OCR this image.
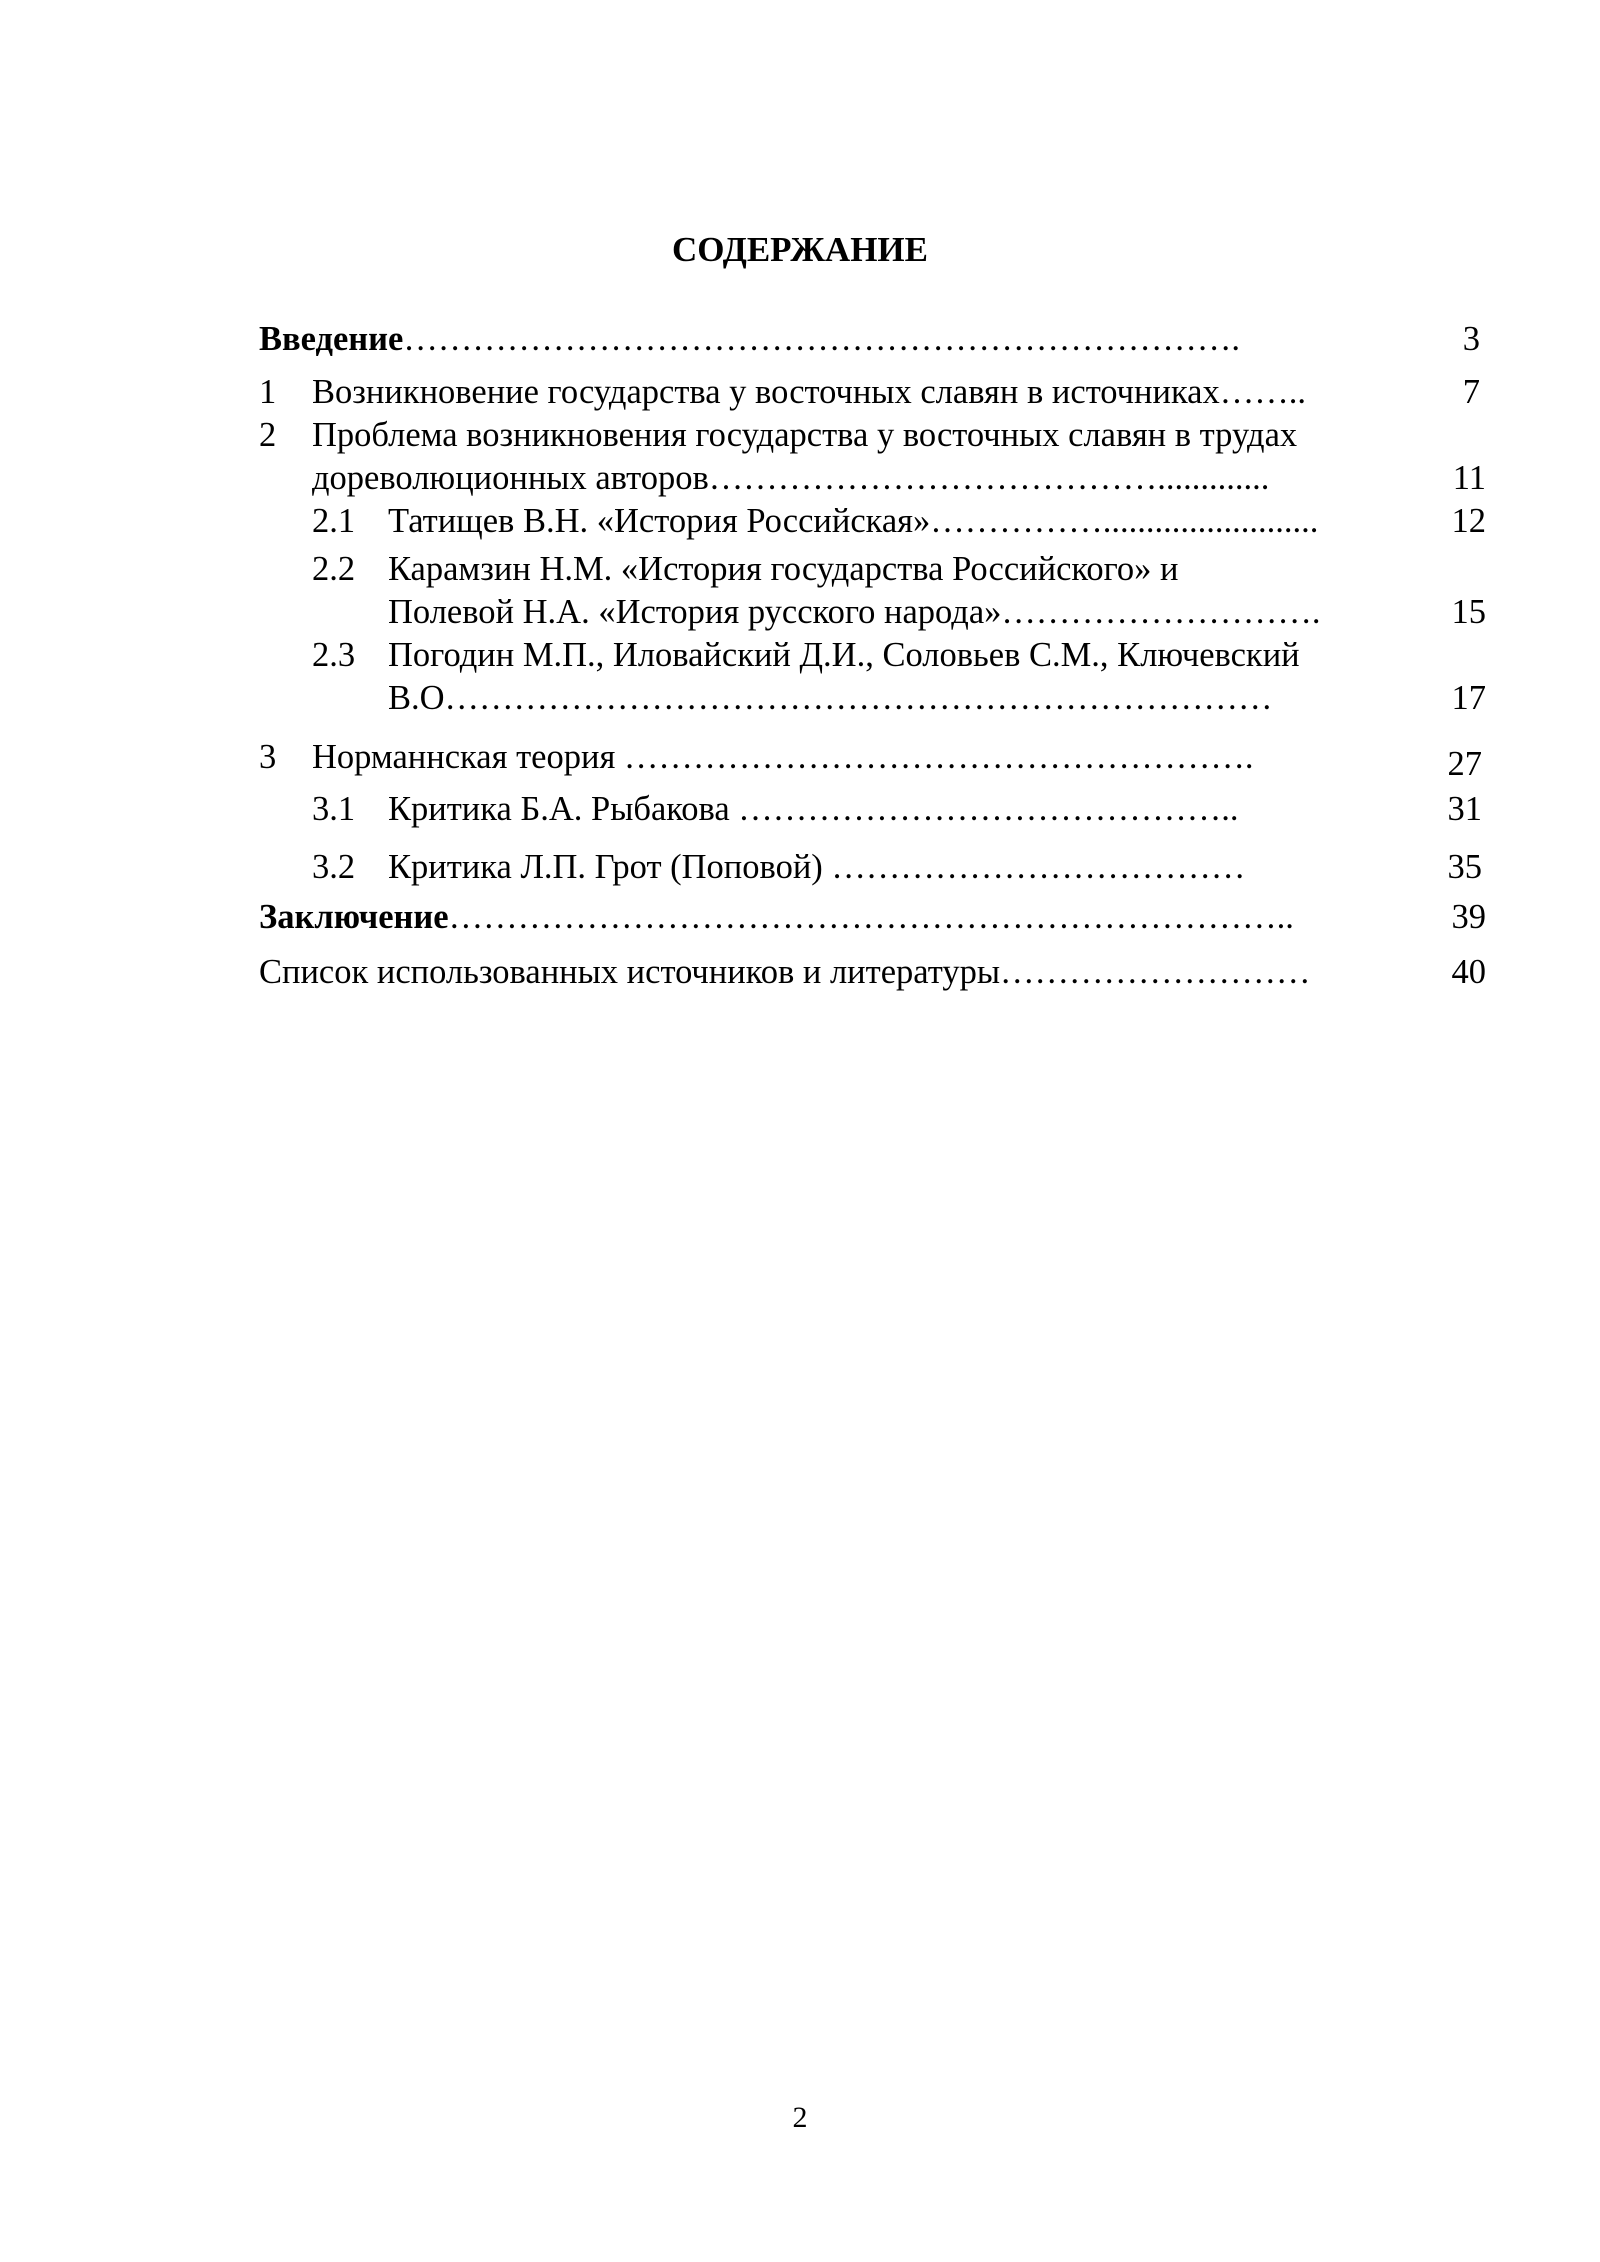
СОДЕРЖАНИЕ
Введение……………………………………………………………….	3
1 Возникновение государства у восточных славян в источниках……..	7
2 Проблема возникновения государства у восточных славян в трудах
дореволюционных авторов………………………………….............	11
2.1 Татищев В.Н. «История Российская»…………….........................	12
2.2 Карамзин Н.М. «История государства Российского» и
Полевой Н.А. «История русского народа»……………………….	15
2.3 Погодин М.П., Иловайский Д.И., Соловьев С.М., Ключевский
В.О………………………………………………………………	17
3 Норманнская теория ……………………………………………….	27
3.1 Критика Б.А. Рыбакова ……………………………………..	31
3.2 Критика Л.П. Грот (Поповой) ………………………………	35
Заключение………………………………………………………………..	39
Список использованных источников и литературы………………………	40
2
